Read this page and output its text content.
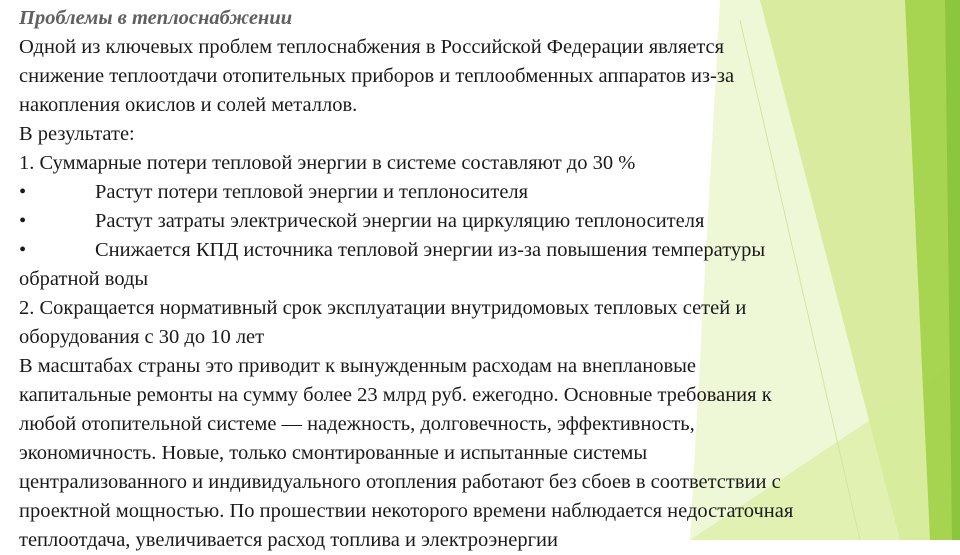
Проблемы в теплоснабжении
Одной из ключевых проблем теплоснабжения в Российской Федерации является
снижение теплоотдачи отопительных приборов и теплообменных аппаратов из-за
накопления окислов и солей металлов.
В результате:
1. Суммарные потери тепловой энергии в системе составляют до 30 %
•	Растут потери тепловой энергии и теплоносителя
•	Растут затраты электрической энергии на циркуляцию теплоносителя
•	Снижается КПД источника тепловой энергии из-за повышения температуры
обратной воды
2. Сокращается нормативный срок эксплуатации внутридомовых тепловых сетей и
оборудования с 30 до 10 лет
В масштабах страны это приводит к вынужденным расходам на внеплановые
капитальные ремонты на сумму более 23 млрд руб. ежегодно. Основные требования к
любой отопительной системе — надежность, долговечность, эффективность,
экономичность. Новые, только смонтированные и испытанные системы
централизованного и индивидуального отопления работают без сбоев в соответствии с
проектной мощностью. По прошествии некоторого времени наблюдается недостаточная
теплоотдача, увеличивается расход топлива и электроэнергии
